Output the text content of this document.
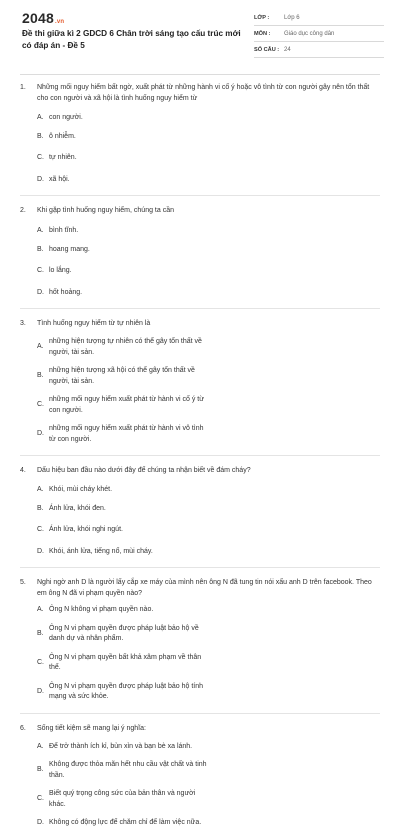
2048.vn
Đề thi giữa kì 2 GDCD 6 Chân trời sáng tạo cấu trúc mới có đáp án - Đề 5
LỚP :	Lớp 6
MÔN :	Giáo dục công dân
SỐ CÂU : 24
1.	Những mối nguy hiểm bất ngờ, xuất phát từ những hành vi cố ý hoặc vô tình từ con người gây nên tổn thất cho con người và xã hội là tình huống nguy hiểm từ
A. con người.
B. ô nhiễm.
C. tự nhiên.
D. xã hội.
2.	Khi gặp tình huống nguy hiểm, chúng ta cần
A. bình tĩnh.
B. hoang mang.
C. lo lắng.
D. hốt hoảng.
3.	Tình huống nguy hiểm từ tự nhiên là
A.
những hiện tượng tự nhiên có thể gây tổn thất về người, tài sản.
B.
những hiện tượng xã hội có thể gây tổn thất về người, tài sản.
C.
những mối nguy hiểm xuất phát từ hành vi cố ý từ con người.
D.
những mối nguy hiểm xuất phát từ hành vi vô tình từ con người.
4.	Dấu hiệu ban đầu nào dưới đây để chúng ta nhận biết về đám cháy?
A. Khói, mùi cháy khét.
B. Ánh lửa, khói đen.
C. Ánh lửa, khói nghi ngút.
D. Khói, ánh lửa, tiếng nổ, mùi cháy.
5.	Nghi ngờ anh D là người lấy cắp xe máy của mình nên ông N đã tung tin nói xấu anh D trên facebook. Theo em ông N đã vi phạm quyền nào?
A. Ông N không vi phạm quyền nào.
B.
Ông N vi phạm quyền được pháp luật bảo hộ về danh dự và nhân phẩm.
C.
Ông N vi phạm quyền bất khả xâm phạm về thân thể.
D.
Ông N vi phạm quyền được pháp luật bảo hộ tính mạng và sức khỏe.
6.	Sống tiết kiệm sẽ mang lại ý nghĩa:
A. Để trở thành ích kỉ, bủn xỉn và bạn bè xa lánh.
B.
Không được thỏa mãn hết nhu cầu vật chất và tinh thần.
C.
Biết quý trọng công sức của bản thân và người khác.
D. Không có động lực để chăm chỉ để làm việc nữa.
